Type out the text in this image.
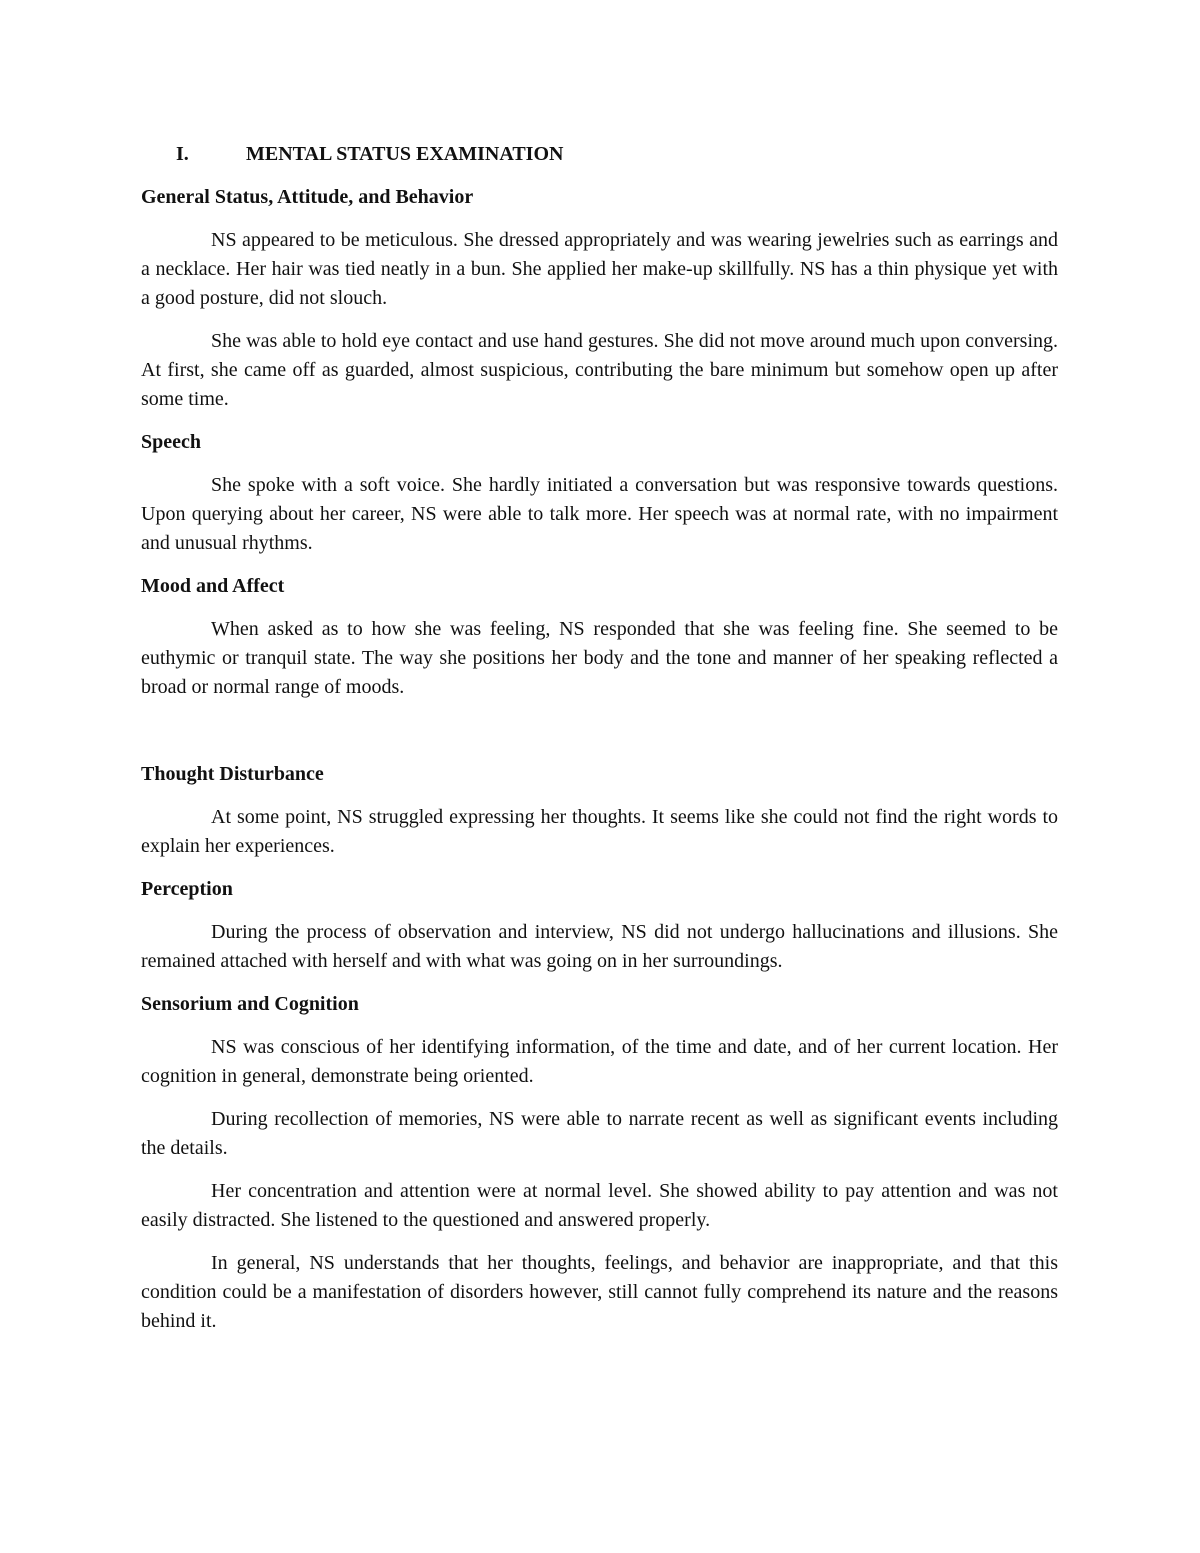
I.	MENTAL STATUS EXAMINATION
General Status, Attitude, and Behavior

NS appeared to be meticulous. She dressed appropriately and was wearing jewelries such as earrings and a necklace. Her hair was tied neatly in a bun. She applied her make-up skillfully. NS has a thin physique yet with a good posture, did not slouch.

She was able to hold eye contact and use hand gestures. She did not move around much upon conversing. At first, she came off as guarded, almost suspicious, contributing the bare minimum but somehow open up after some time.

Speech

She spoke with a soft voice. She hardly initiated a conversation but was responsive towards questions. Upon querying about her career, NS were able to talk more. Her speech was at normal rate, with no impairment and unusual rhythms.

Mood and Affect

When asked as to how she was feeling, NS responded that she was feeling fine. She seemed to be euthymic or tranquil state. The way she positions her body and the tone and manner of her speaking reflected a broad or normal range of moods.

Thought Disturbance

At some point, NS struggled expressing her thoughts. It seems like she could not find the right words to explain her experiences.

Perception

During the process of observation and interview, NS did not undergo hallucinations and illusions. She remained attached with herself and with what was going on in her surroundings.

Sensorium and Cognition

NS was conscious of her identifying information, of the time and date, and of her current location. Her cognition in general, demonstrate being oriented.

During recollection of memories, NS were able to narrate recent as well as significant events including the details.

Her concentration and attention were at normal level. She showed ability to pay attention and was not easily distracted. She listened to the questioned and answered properly.

In general, NS understands that her thoughts, feelings, and behavior are inappropriate, and that this condition could be a manifestation of disorders however, still cannot fully comprehend its nature and the reasons behind it.
